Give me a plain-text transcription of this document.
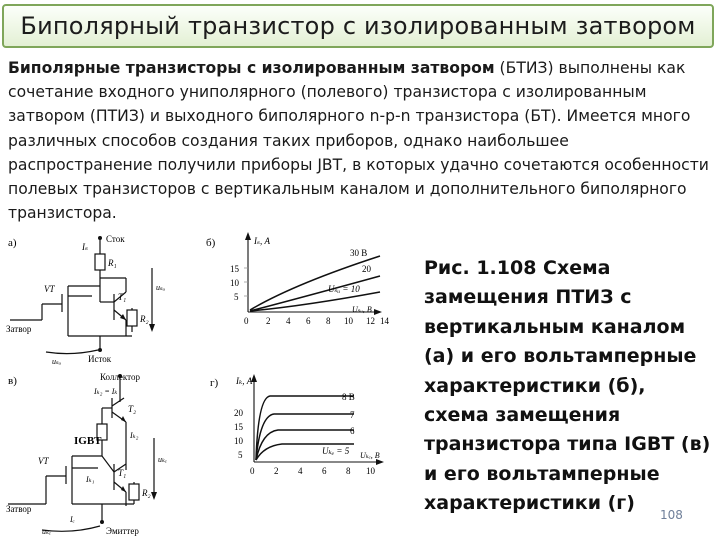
Биполярный транзистор с изолированным затвором
Биполярные транзисторы с изолированным затвором (БТИЗ) выполнены как сочетание входного униполярного (полевого) транзистора с изолированным затвором (ПТИЗ) и выходного биполярного n-p-n транзистора (БТ). Имеется много различных способов создания таких приборов, однако наибольшее распространение получили приборы JBT, в которых удачно сочетаются особенности полевых транзисторов с вертикальным каналом и дополнительного биполярного транзистора.
а)	Сток
Iₛ
R₁
VT
T₁
R₂
uₛᵤ
Затвор
Исток
uₛᵤ
б)	Iₛ, А
15
10
5
0 2 4 6 8 10 12 14
Uₛᵤ, В
30 В
20
Uₛᵤ = 10
в)	Коллектор
Iₖ₂ = Iₖ
T₂
Iₖ₂
IGBT
VT
Iₖ₁
T₁
R₂
uₖₑ
Затвор
Iₑ
Эмиттер
uₖₑ
г) Iₖ, А
20
15
10
5
0 2 4 6 8 10
Uₖₑ, В
8 В
7
6
Uₖₑ = 5
Рис. 1.108 Схема замещения ПТИЗ с вертикальным каналом (а) и его вольтамперные характеристики (б), схема замещения транзистора типа IGBT (в) и его вольтамперные характеристики (г)
108
